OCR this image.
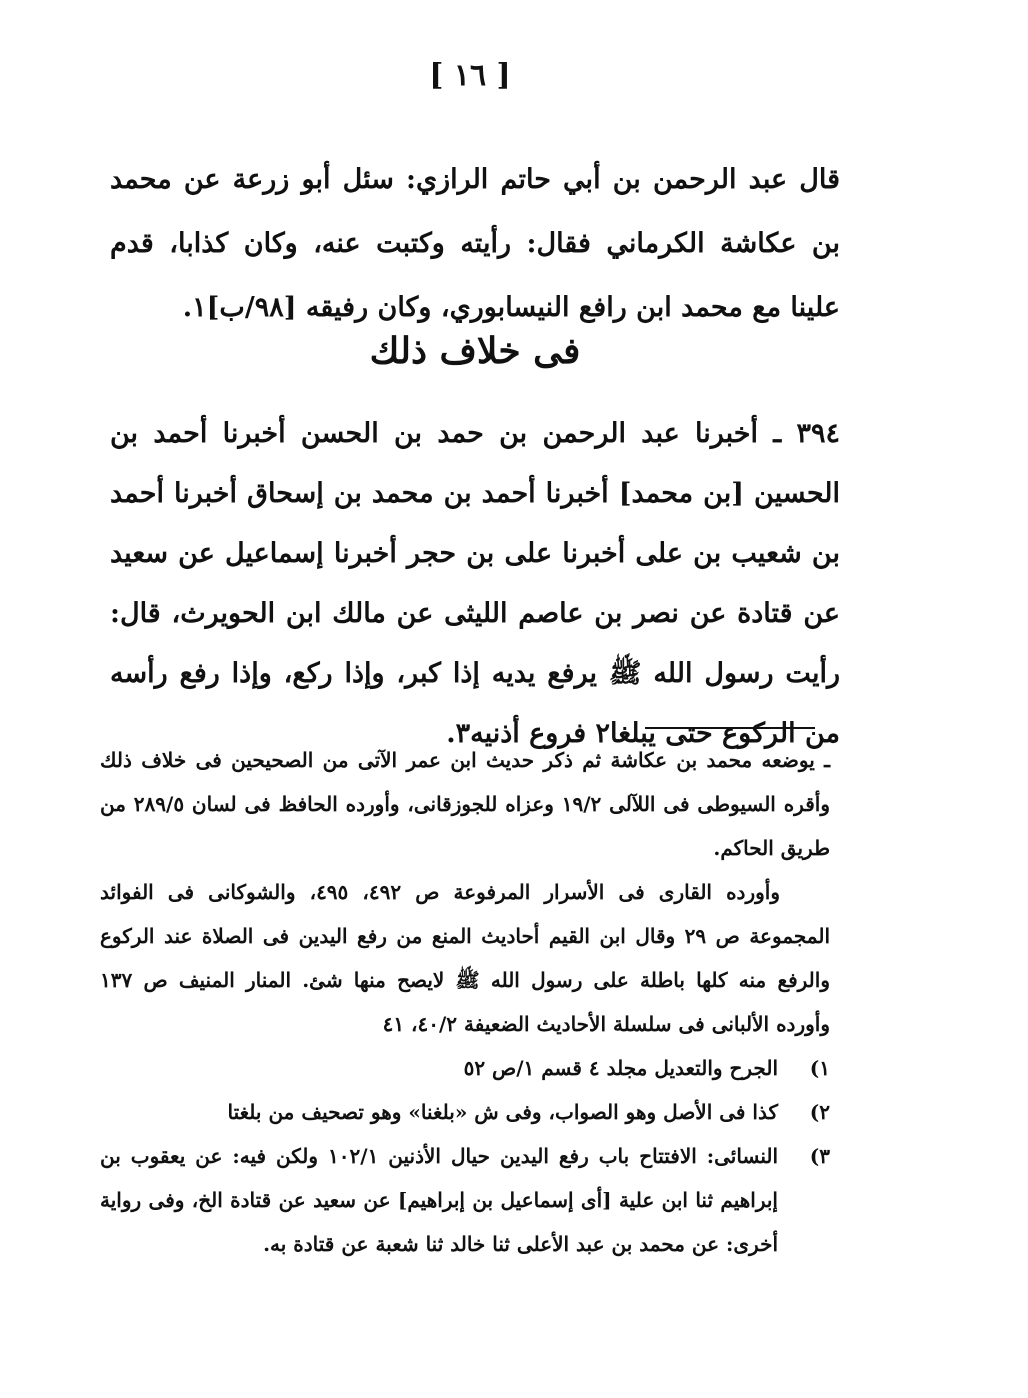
[ ١٦ ]

قال عبد الرحمن بن أبي حاتم الرازي: سئل أبو زرعة عن محمد بن عكاشة الكرماني فقال: رأيته وكتبت عنه، وكان كذابا، قدم علينا مع محمد ابن رافع النيسابوري، وكان رفيقه [٩٨/ب]١.

فى خلاف ذلك

٣٩٤ ـ أخبرنا عبد الرحمن بن حمد بن الحسن أخبرنا أحمد بن الحسين [بن محمد] أخبرنا أحمد بن محمد بن إسحاق أخبرنا أحمد بن شعيب بن على أخبرنا على بن حجر أخبرنا إسماعيل عن سعيد عن قتادة عن نصر بن عاصم الليثى عن مالك ابن الحويرث، قال: رأيت رسول الله ﷺ يرفع يديه إذا كبر، وإذا ركع، وإذا رفع رأسه من الركوع حتى يبلغا٢ فروع أذنيه٣.

ـ يوضعه محمد بن عكاشة ثم ذكر حديث ابن عمر الآتى من الصحيحين فى خلاف ذلك وأقره السيوطى فى اللآلى ١٩/٢ وعزاه للجوزقانى، وأورده الحافظ فى لسان ٢٨٩/٥ من طريق الحاكم.

وأورده القارى فى الأسرار المرفوعة ص ٤٩٢، ٤٩٥، والشوكانى فى الفوائد المجموعة ص ٢٩ وقال ابن القيم أحاديث المنع من رفع اليدين فى الصلاة عند الركوع والرفع منه كلها باطلة على رسول الله ﷺ لايصح منها شئ. المنار المنيف ص ١٣٧ وأورده الألبانى فى سلسلة الأحاديث الضعيفة ٤٠/٢، ٤١

١)
الجرح والتعديل مجلد ٤ قسم ١/ص ٥٢
٢)
كذا فى الأصل وهو الصواب، وفى ش «بلغنا» وهو تصحيف من بلغتا
٣)
النسائى: الافتتاح باب رفع اليدين حيال الأذنين ١٠٢/١ ولكن فيه: عن يعقوب بن إبراهيم ثنا ابن علية [أى إسماعيل بن إبراهيم] عن سعيد عن قتادة الخ، وفى رواية أخرى: عن محمد بن عبد الأعلى ثنا خالد ثنا شعبة عن قتادة به.
